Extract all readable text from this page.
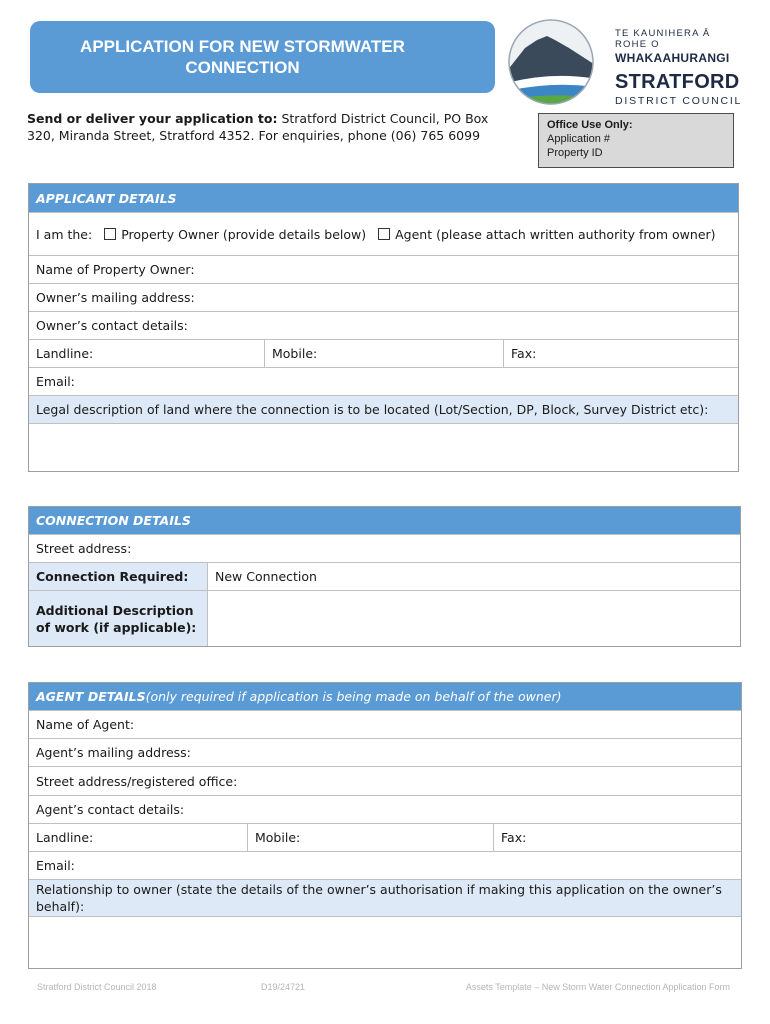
APPLICATION FOR NEW STORMWATER
CONNECTION
TE KAUNIHERA Ā ROHE O
WHAKAAHURANGI
STRATFORD
DISTRICT COUNCIL
Send or deliver your application to: Stratford District Council, PO Box 320, Miranda Street, Stratford 4352. For enquiries, phone (06) 765 6099
Office Use Only:
Application #
Property ID
APPLICANT DETAILS
I am the: Property Owner (provide details below) Agent (please attach written authority from owner)
Name of Property Owner:
Owner’s mailing address:
Owner’s contact details:
Landline:	Mobile:	Fax:
Email:
Legal description of land where the connection is to be located (Lot/Section, DP, Block, Survey District etc):
CONNECTION DETAILS
Street address:
Connection Required:	New Connection
Additional Description of work (if applicable):
AGENT DETAILS (only required if application is being made on behalf of the owner)
Name of Agent:
Agent’s mailing address:
Street address/registered office:
Agent’s contact details:
Landline:	Mobile:	Fax:
Email:
Relationship to owner (state the details of the owner’s authorisation if making this application on the owner’s behalf):
Stratford District Council 2018	D19/24721	Assets Template – New Storm Water Connection Application Form
